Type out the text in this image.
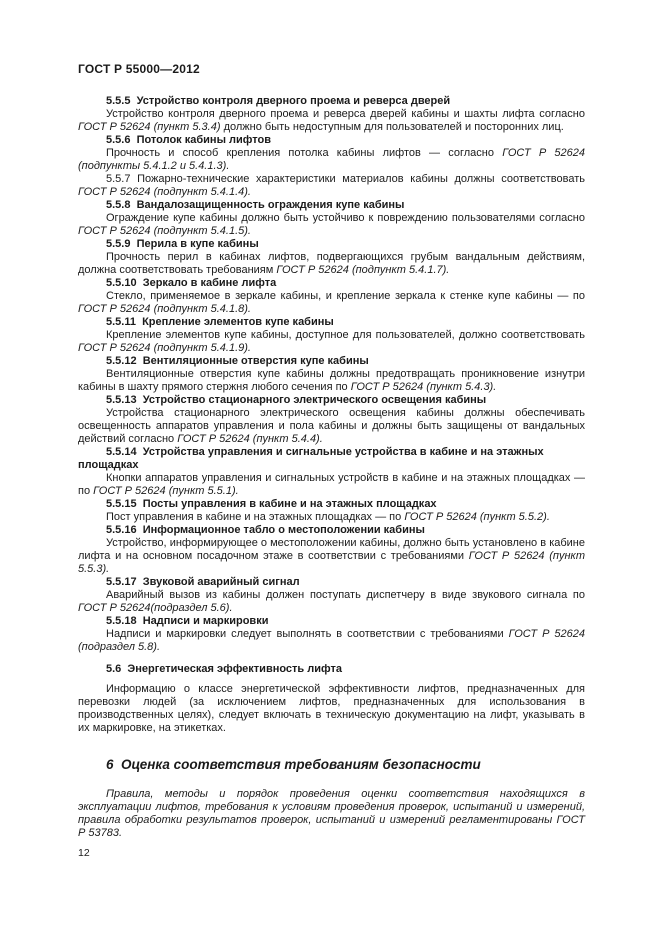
ГОСТ Р 55000—2012

5.5.5  Устройство контроля дверного проема и реверса дверей

Устройство контроля дверного проема и реверса дверей кабины и шахты лифта согласно ГОСТ Р 52624 (пункт 5.3.4) должно быть недоступным для пользователей и посторонних лиц.

5.5.6  Потолок кабины лифтов

Прочность и способ крепления потолка кабины лифтов — согласно ГОСТ Р 52624 (подпункты 5.4.1.2 и 5.4.1.3).

5.5.7 Пожарно-технические характеристики материалов кабины должны соответствовать ГОСТ Р 52624 (подпункт 5.4.1.4).

5.5.8  Вандалозащищенность ограждения купе кабины

Ограждение купе кабины должно быть устойчиво к повреждению пользователями согласно ГОСТ Р 52624 (подпункт 5.4.1.5).

5.5.9  Перила в купе кабины

Прочность перил в кабинах лифтов, подвергающихся грубым вандальным действиям, должна соответствовать требованиям ГОСТ Р 52624 (подпункт 5.4.1.7).

5.5.10  Зеркало в кабине лифта

Стекло, применяемое в зеркале кабины, и крепление зеркала к стенке купе кабины — по ГОСТ Р 52624 (подпункт 5.4.1.8).

5.5.11  Крепление элементов купе кабины

Крепление элементов купе кабины, доступное для пользователей, должно соответствовать ГОСТ Р 52624 (подпункт 5.4.1.9).

5.5.12  Вентиляционные отверстия купе кабины

Вентиляционные отверстия купе кабины должны предотвращать проникновение изнутри кабины в шахту прямого стержня любого сечения по ГОСТ Р 52624 (пункт 5.4.3).

5.5.13  Устройство стационарного электрического освещения кабины

Устройства стационарного электрического освещения кабины должны обеспечивать освещенность аппаратов управления и пола кабины и должны быть защищены от вандальных действий согласно ГОСТ Р 52624 (пункт 5.4.4).

5.5.14  Устройства управления и сигнальные устройства в кабине и на этажных площадках

Кнопки аппаратов управления и сигнальных устройств в кабине и на этажных площадках — по ГОСТ Р 52624 (пункт 5.5.1).

5.5.15  Посты управления в кабине и на этажных площадках

Пост управления в кабине и на этажных площадках — по ГОСТ Р 52624 (пункт 5.5.2).

5.5.16  Информационное табло о местоположении кабины

Устройство, информирующее о местоположении кабины, должно быть установлено в кабине лифта и на основном посадочном этаже в соответствии с требованиями ГОСТ Р 52624 (пункт 5.5.3).

5.5.17  Звуковой аварийный сигнал

Аварийный вызов из кабины должен поступать диспетчеру в виде звукового сигнала по ГОСТ Р 52624(подраздел 5.6).

5.5.18  Надписи и маркировки

Надписи и маркировки следует выполнять в соответствии с требованиями ГОСТ Р 52624 (подраздел 5.8).

5.6  Энергетическая эффективность лифта

Информацию о классе энергетической эффективности лифтов, предназначенных для перевозки людей (за исключением лифтов, предназначенных для использования в производственных целях), следует включать в техническую документацию на лифт, указывать в их маркировке, на этикетках.

6  Оценка соответствия требованиям безопасности

Правила, методы и порядок проведения оценки соответствия находящихся в эксплуатации лифтов, требования к условиям проведения проверок, испытаний и измерений, правила обработки результатов проверок, испытаний и измерений регламентированы ГОСТ Р 53783.

12
